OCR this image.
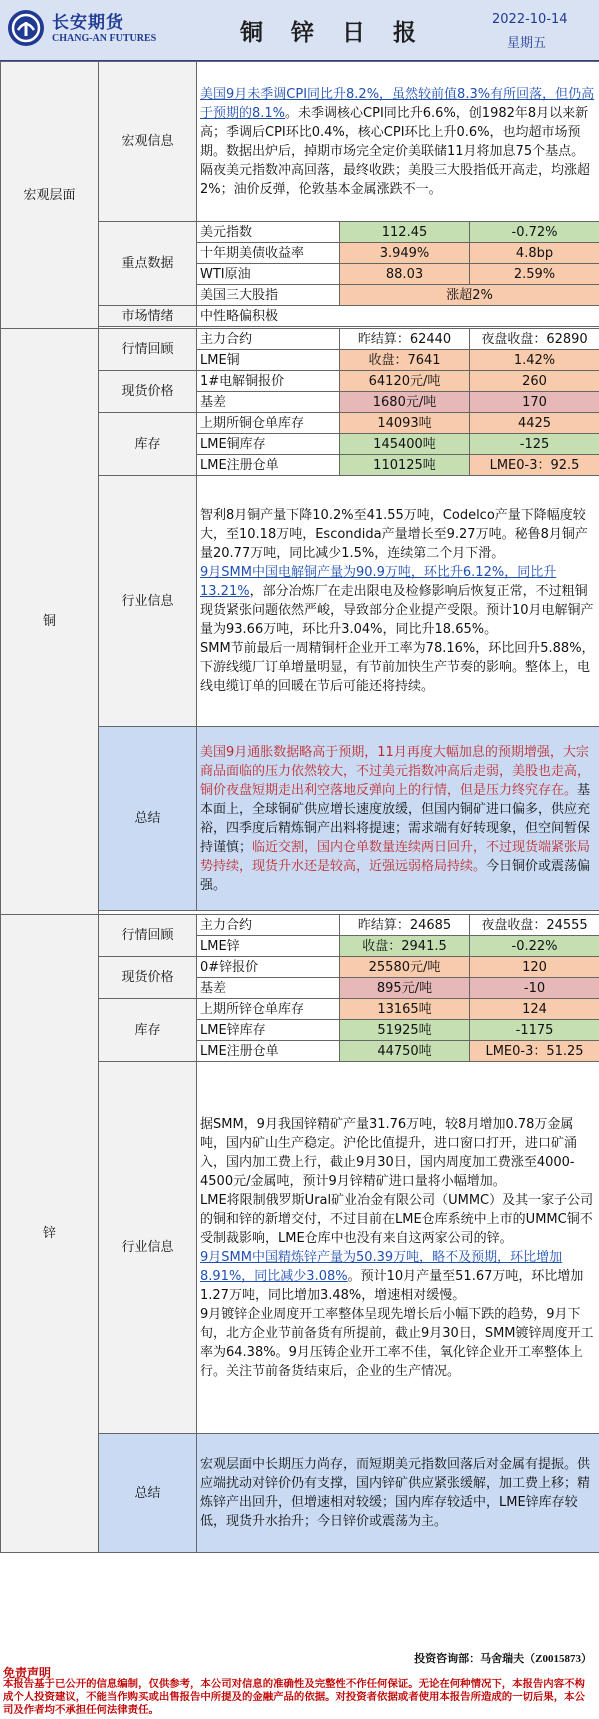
长安期货
CHANG-AN FUTURES	铜 锌 日 报
2022-10-14
星期五
宏观层面	宏观信息	美国9月未季调CPI同比升8.2%，虽然较前值8.3%有所回落，但仍高于预期的8.1%。未季调核心CPI同比升6.6%，创1982年8月以来新高；季调后CPI环比0.4%，核心CPI环比上升0.6%，也均超市场预期。数据出炉后，掉期市场完全定价美联储11月将加息75个基点。
隔夜美元指数冲高回落，最终收跌；美股三大股指低开高走，均涨超2%；油价反弹，伦敦基本金属涨跌不一。		
	重点数据	美元指数	112.45	-0.72%
		十年期美债收益率	3.949%	4.8bp
		WTI原油	88.03	2.59%
		美国三大股指	涨超2%	
	市场情绪	中性略偏积极		

铜	行情回顾	主力合约	昨结算：62440	夜盘收盘：62890
		LME铜	收盘：7641	1.42%
	现货价格	1#电解铜报价	64120元/吨	260
		基差	1680元/吨	170
	库存	上期所铜仓单库存	14093吨	4425
		LME铜库存	145400吨	-125
		LME注册仓单	110125吨	LME0-3：92.5
	行业信息	智利8月铜产量下降10.2%至41.55万吨，Codelco产量下降幅度较大，至10.18万吨，Escondida产量增长至9.27万吨。秘鲁8月铜产量20.77万吨，同比减少1.5%，连续第二个月下滑。
9月SMM中国电解铜产量为90.9万吨，环比升6.12%，同比升13.21%，部分冶炼厂在走出限电及检修影响后恢复正常，不过粗铜现货紧张问题依然严峻，导致部分企业提产受限。预计10月电解铜产量为93.66万吨，环比升3.04%，同比升18.65%。
SMM节前最后一周精铜杆企业开工率为78.16%，环比回升5.88%，下游线缆厂订单增量明显，有节前加快生产节奏的影响。整体上，电线电缆订单的回暖在节后可能还将持续。		
	总结	美国9月通胀数据略高于预期，11月再度大幅加息的预期增强，大宗商品面临的压力依然较大，不过美元指数冲高后走弱，美股也走高，铜价夜盘短期走出利空落地反弹向上的行情，但是压力终究存在。基本面上，全球铜矿供应增长速度放缓，但国内铜矿进口偏多，供应充裕，四季度后精炼铜产出料将提速；需求端有好转现象，但空间暂保持谨慎；临近交割，国内仓单数量连续两日回升，不过现货端紧张局势持续，现货升水还是较高，近强远弱格局持续。今日铜价或震荡偏强。		

锌	行情回顾	主力合约	昨结算：24685	夜盘收盘：24555
		LME锌	收盘：2941.5	-0.22%
	现货价格	0#锌报价	25580元/吨	120
		基差	895元/吨	-10
	库存	上期所锌仓单库存	13165吨	124
		LME锌库存	51925吨	-1175
		LME注册仓单	44750吨	LME0-3：51.25
	行业信息	据SMM，9月我国锌精矿产量31.76万吨，较8月增加0.78万金属吨，国内矿山生产稳定。沪伦比值提升，进口窗口打开，进口矿涌入，国内加工费上行，截止9月30日，国内周度加工费涨至4000-4500元/金属吨，预计9月锌精矿进口量将小幅增加。
LME将限制俄罗斯Ural矿业冶金有限公司（UMMC）及其一家子公司的铜和锌的新增交付，不过目前在LME仓库系统中上市的UMMC铜不受制裁影响，LME仓库中也没有来自这两家公司的锌。
9月SMM中国精炼锌产量为50.39万吨，略不及预期，环比增加8.91%，同比减少3.08%。预计10月产量至51.67万吨，环比增加1.27万吨，同比增加3.48%，增速相对缓慢。
9月镀锌企业周度开工率整体呈现先增长后小幅下跌的趋势，9月下旬，北方企业节前备货有所提前，截止9月30日，SMM镀锌周度开工率为64.38%。9月压铸企业开工率不佳，氧化锌企业开工率整体上行。关注节前备货结束后，企业的生产情况。		
	总结	宏观层面中长期压力尚存，而短期美元指数回落后对金属有提振。供应端扰动对锌价仍有支撑，国内锌矿供应紧张缓解，加工费上移；精炼锌产出回升，但增速相对较缓；国内库存较适中，LME锌库存较低，现货升水抬升；今日锌价或震荡为主。		
投资咨询部：马舍瑞夫（Z0015873）
免责声明
本报告基于已公开的信息编制，仅供参考，本公司对信息的准确性及完整性不作任何保证。无论在何种情况下，本报告内容不构成个人投资建议，不能当作购买或出售报告中所提及的金融产品的依据。对投资者依据或者使用本报告所造成的一切后果，本公司及作者均不承担任何法律责任。
